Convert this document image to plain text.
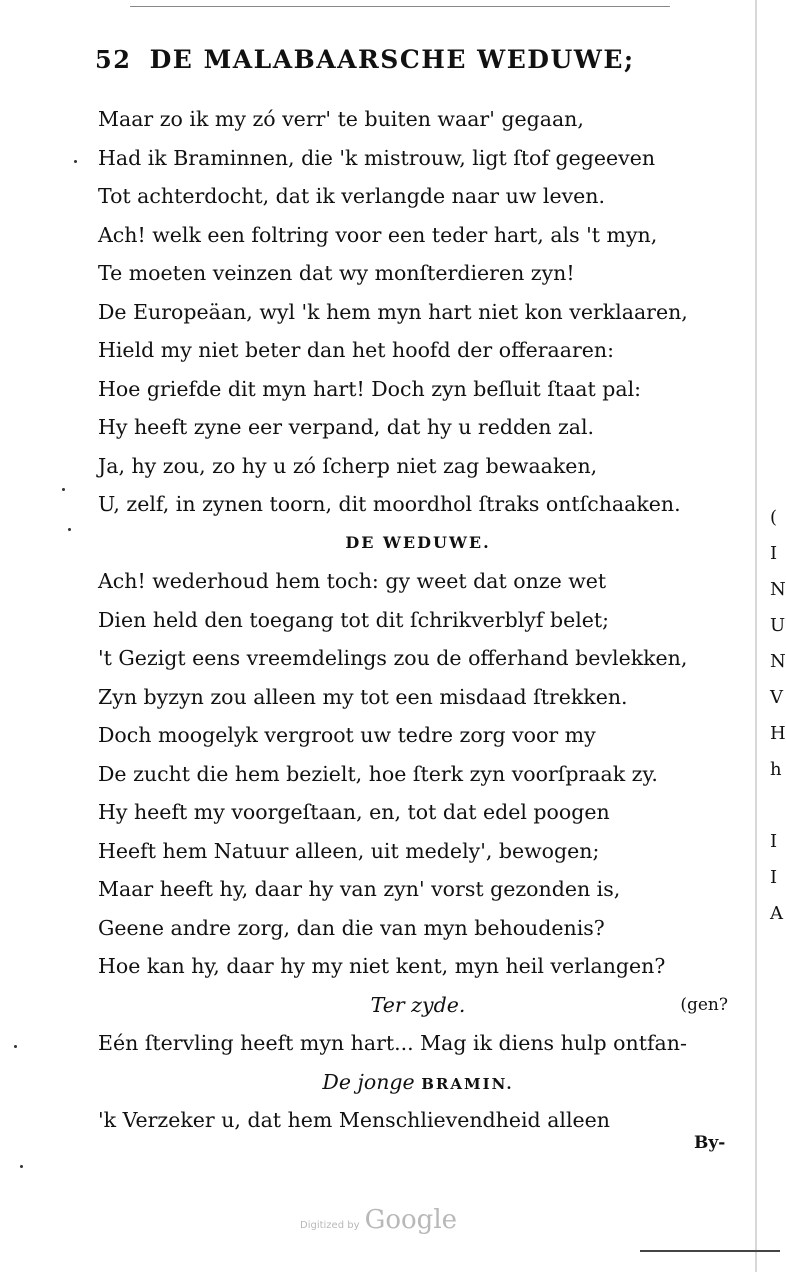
52 DE MALABAARSCHE WEDUWE;
Maar zo ik my zó verr' te buiten waar' gegaan,
Had ik Braminnen, die 'k mistrouw, ligt ſtof gegeeven
Tot achterdocht, dat ik verlangde naar uw leven.
Ach! welk een foltring voor een teder hart, als 't myn,
Te moeten veinzen dat wy monſterdieren zyn!
De Europeäan, wyl 'k hem myn hart niet kon verklaaren,
Hield my niet beter dan het hoofd der offeraaren:
Hoe griefde dit myn hart! Doch zyn beſluit ſtaat pal:
Hy heeft zyne eer verpand, dat hy u redden zal.
Ja, hy zou, zo hy u zó ſcherp niet zag bewaaken,
U, zelf, in zynen toorn, dit moordhol ſtraks ontſchaaken.
DE WEDUWE.
Ach! wederhoud hem toch: gy weet dat onze wet
Dien held den toegang tot dit ſchrikverblyf belet;
't Gezigt eens vreemdelings zou de offerhand bevlekken,
Zyn byzyn zou alleen my tot een misdaad ſtrekken.
Doch moogelyk vergroot uw tedre zorg voor my
De zucht die hem bezielt, hoe ſterk zyn voorſpraak zy.
Hy heeft my voorgeſtaan, en, tot dat edel poogen
Heeft hem Natuur alleen, uit medely', bewogen;
Maar heeft hy, daar hy van zyn' vorst gezonden is,
Geene andre zorg, dan die van myn behoudenis?
Hoe kan hy, daar hy my niet kent, myn heil verlangen?
Ter zyde.	(gen?
Eén ſtervling heeft myn hart... Mag ik diens hulp ontfan-
De jonge BRAMIN.
'k Verzeker u, dat hem Menschlievendheid alleen
By-
(
I
N
U
N
V
H
h

I
I
A
Digitized by Google
